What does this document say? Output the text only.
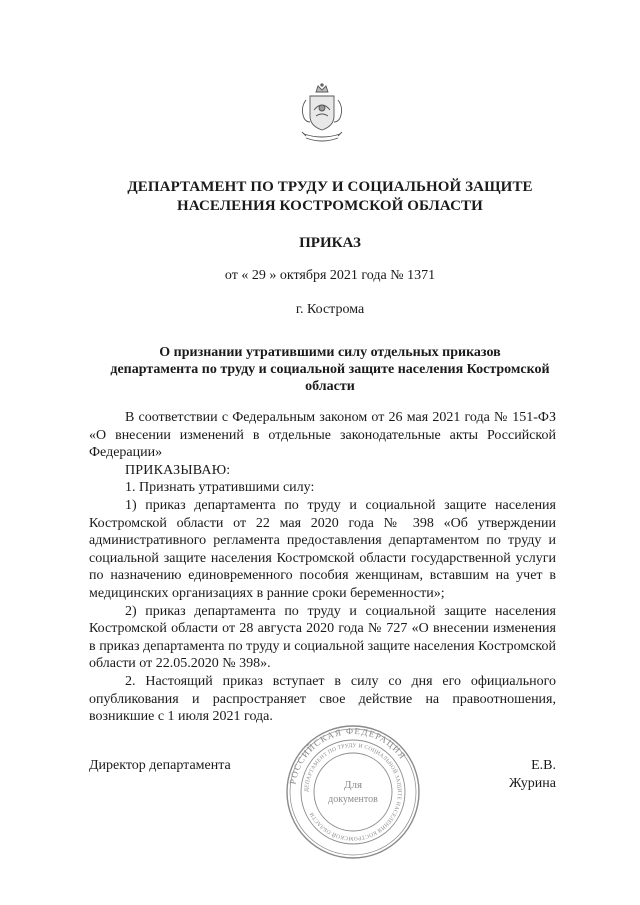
ДЕПАРТАМЕНТ ПО ТРУДУ И СОЦИАЛЬНОЙ ЗАЩИТЕ
НАСЕЛЕНИЯ КОСТРОМСКОЙ ОБЛАСТИ
ПРИКАЗ
от « 29 » октября 2021 года № 1371
г. Кострома
О признании утратившими силу отдельных приказов
департамента по труду и социальной защите населения Костромской
области

В соответствии с Федеральным законом от 26 мая 2021 года № 151-ФЗ «О внесении изменений в отдельные законодательные акты Российской Федерации»

ПРИКАЗЫВАЮ:

1. Признать утратившими силу:

1) приказ департамента по труду и социальной защите населения Костромской области от 22 мая 2020 года № 398 «Об утверждении административного регламента предоставления департаментом по труду и социальной защите населения Костромской области государственной услуги по назначению единовременного пособия женщинам, вставшим на учет в медицинских организациях в ранние сроки беременности»;

2) приказ департамента по труду и социальной защите населения Костромской области от 28 августа 2020 года № 727 «О внесении изменения в приказ департамента по труду и социальной защите населения Костромской области от 22.05.2020 № 398».

2. Настоящий приказ вступает в силу со дня его официального опубликования и распространяет свое действие на правоотношения, возникшие с 1 июля 2021 года.

Директор департамента	Е.В. Журина
РОССИЙСКАЯ ФЕДЕРАЦИЯ
ДЕПАРТАМЕНТ ПО ТРУДУ И СОЦИАЛЬНОЙ ЗАЩИТЕ НАСЕЛЕНИЯ КОСТРОМСКОЙ ОБЛАСТИ
Для
документов
